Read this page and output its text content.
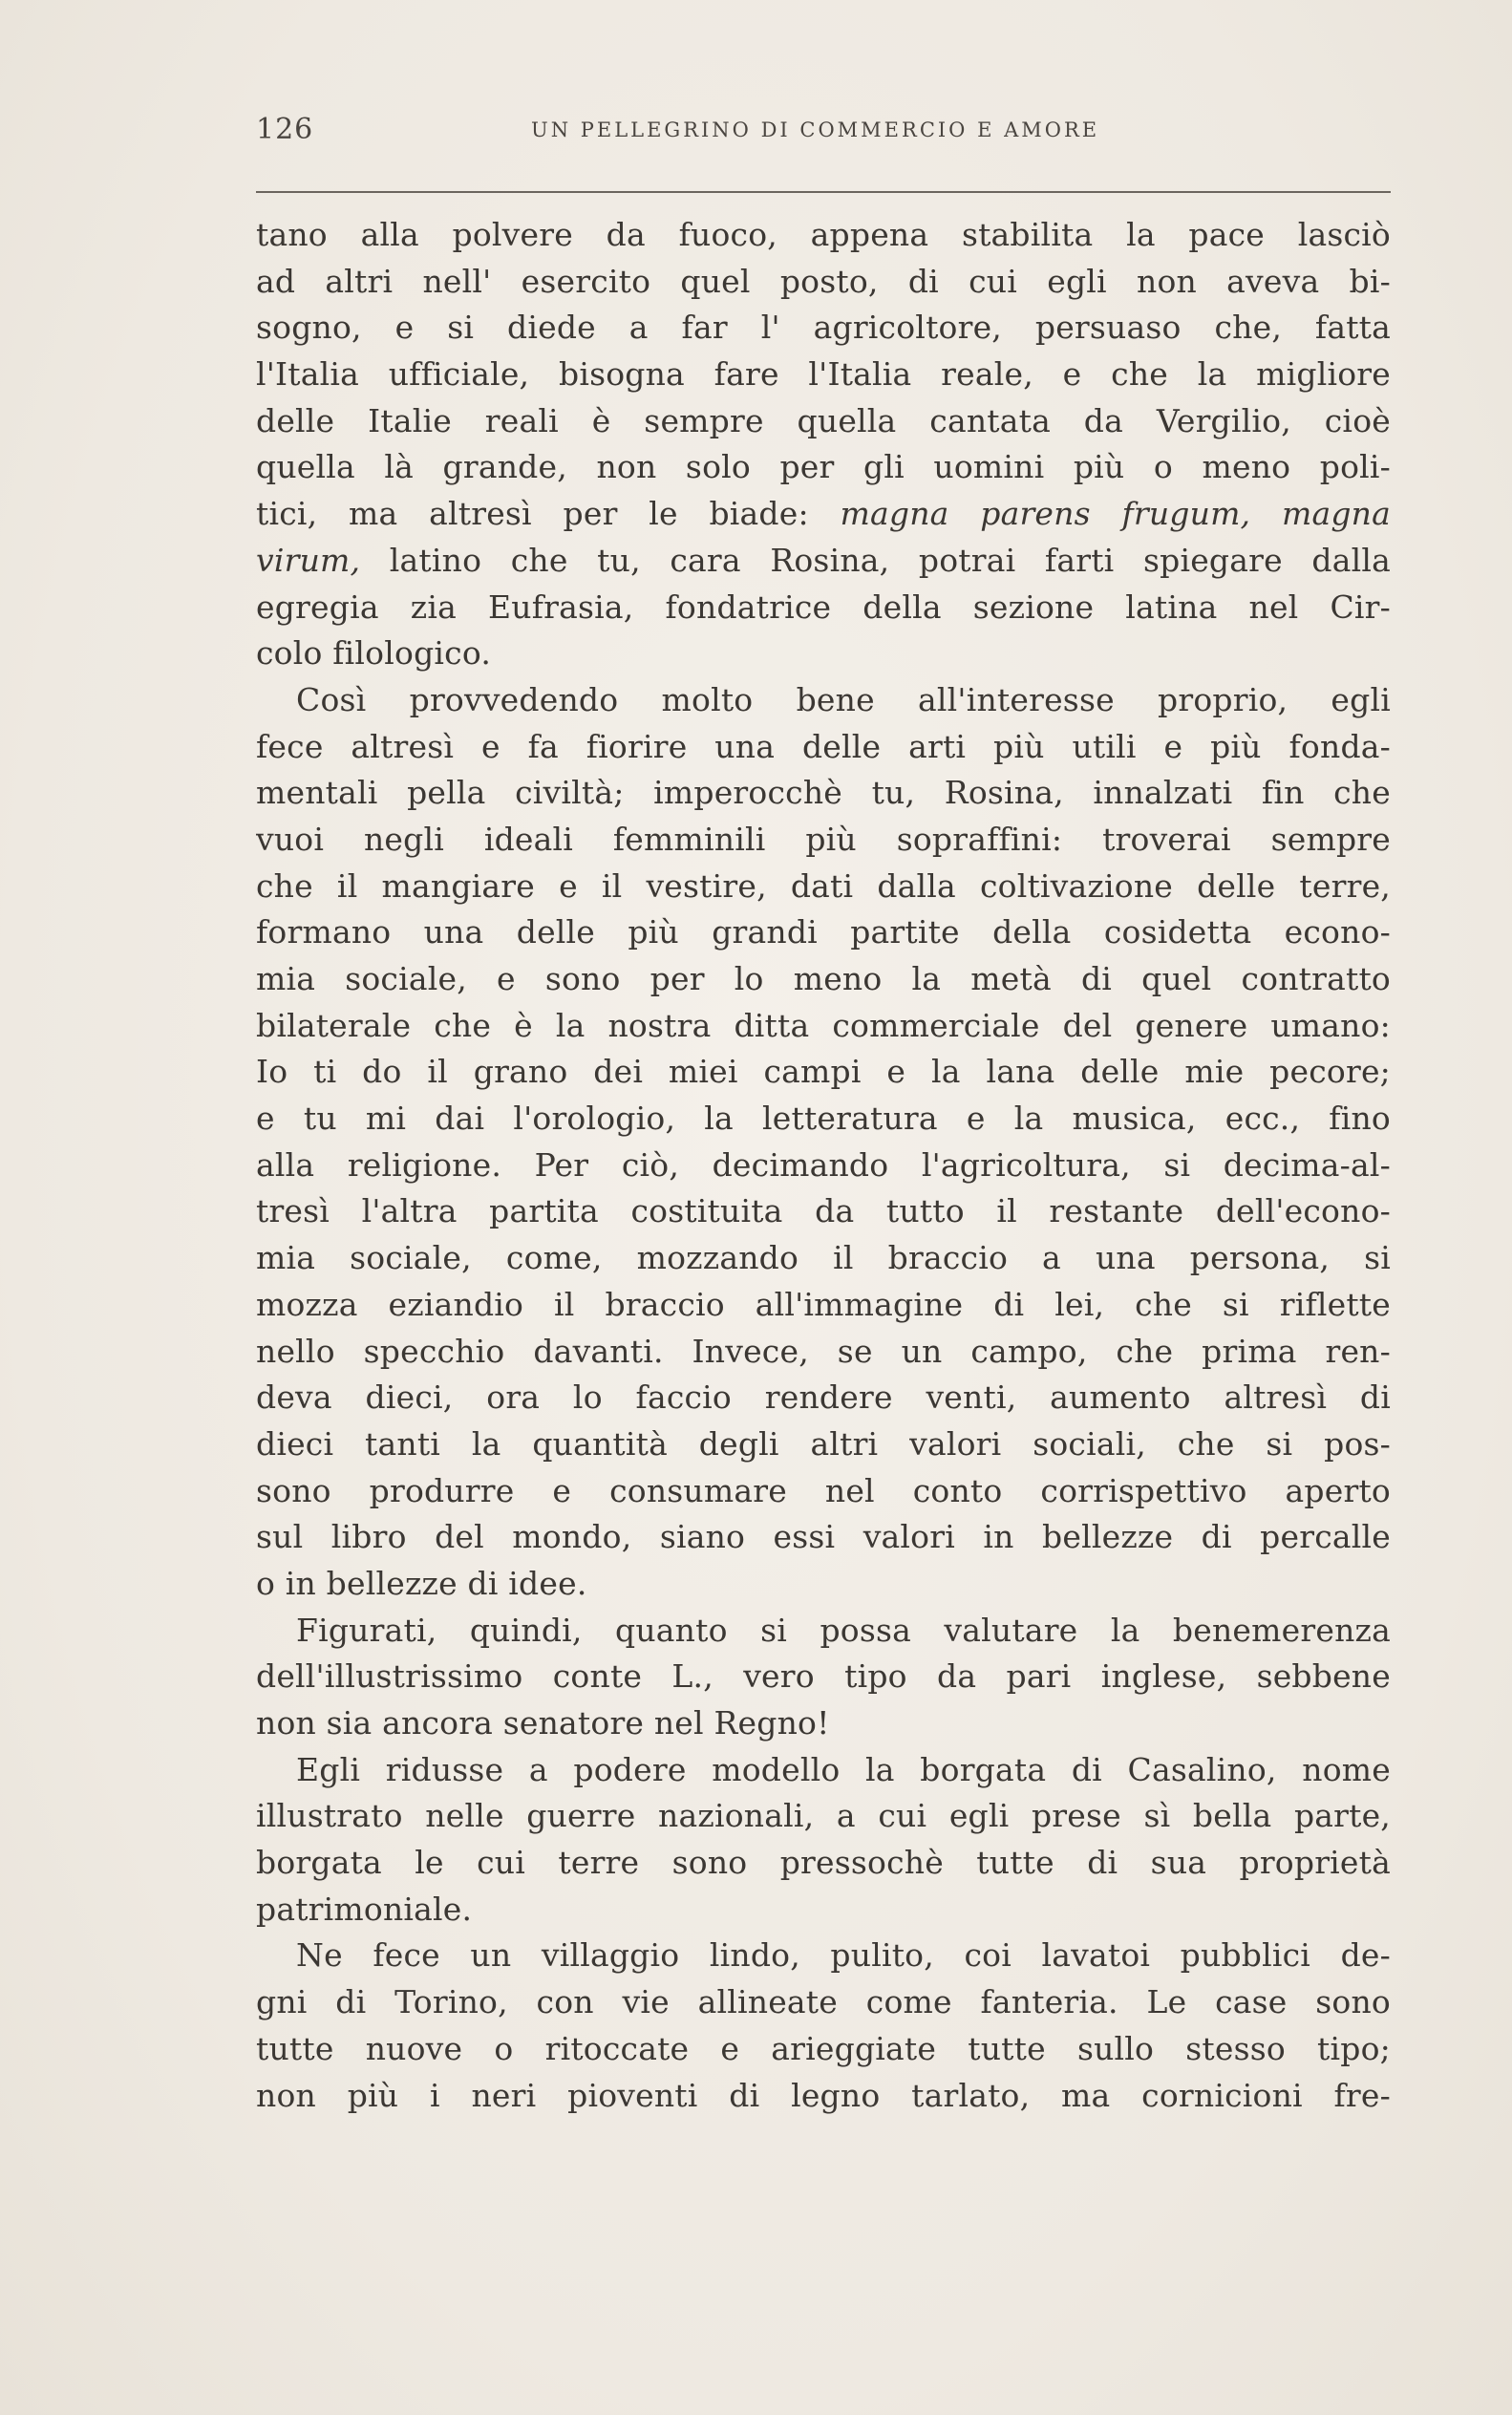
126	UN PELLEGRINO DI COMMERCIO E AMORE
tano alla polvere da fuoco, appena stabilita la pace lasciò
ad altri nell' esercito quel posto, di cui egli non aveva bi-
sogno, e si diede a far l' agricoltore, persuaso che, fatta
l'Italia ufficiale, bisogna fare l'Italia reale, e che la migliore
delle Italie reali è sempre quella cantata da Vergilio, cioè
quella là grande, non solo per gli uomini più o meno poli-
tici, ma altresì per le biade: magna parens frugum, magna
virum, latino che tu, cara Rosina, potrai farti spiegare dalla
egregia zia Eufrasia, fondatrice della sezione latina nel Cir-
colo filologico.
Così provvedendo molto bene all'interesse proprio, egli
fece altresì e fa fiorire una delle arti più utili e più fonda-
mentali pella civiltà; imperocchè tu, Rosina, innalzati fin che
vuoi negli ideali femminili più sopraffini: troverai sempre
che il mangiare e il vestire, dati dalla coltivazione delle terre,
formano una delle più grandi partite della cosidetta econo-
mia sociale, e sono per lo meno la metà di quel contratto
bilaterale che è la nostra ditta commerciale del genere umano:
Io ti do il grano dei miei campi e la lana delle mie pecore;
e tu mi dai l'orologio, la letteratura e la musica, ecc., fino
alla religione. Per ciò, decimando l'agricoltura, si decima-al-
tresì l'altra partita costituita da tutto il restante dell'econo-
mia sociale, come, mozzando il braccio a una persona, si
mozza eziandio il braccio all'immagine di lei, che si riflette
nello specchio davanti. Invece, se un campo, che prima ren-
deva dieci, ora lo faccio rendere venti, aumento altresì di
dieci tanti la quantità degli altri valori sociali, che si pos-
sono produrre e consumare nel conto corrispettivo aperto
sul libro del mondo, siano essi valori in bellezze di percalle
o in bellezze di idee.
Figurati, quindi, quanto si possa valutare la benemerenza
dell'illustrissimo conte L., vero tipo da pari inglese, sebbene
non sia ancora senatore nel Regno!
Egli ridusse a podere modello la borgata di Casalino, nome
illustrato nelle guerre nazionali, a cui egli prese sì bella parte,
borgata le cui terre sono pressochè tutte di sua proprietà
patrimoniale.
Ne fece un villaggio lindo, pulito, coi lavatoi pubblici de-
gni di Torino, con vie allineate come fanteria. Le case sono
tutte nuove o ritoccate e arieggiate tutte sullo stesso tipo;
non più i neri pioventi di legno tarlato, ma cornicioni fre-
